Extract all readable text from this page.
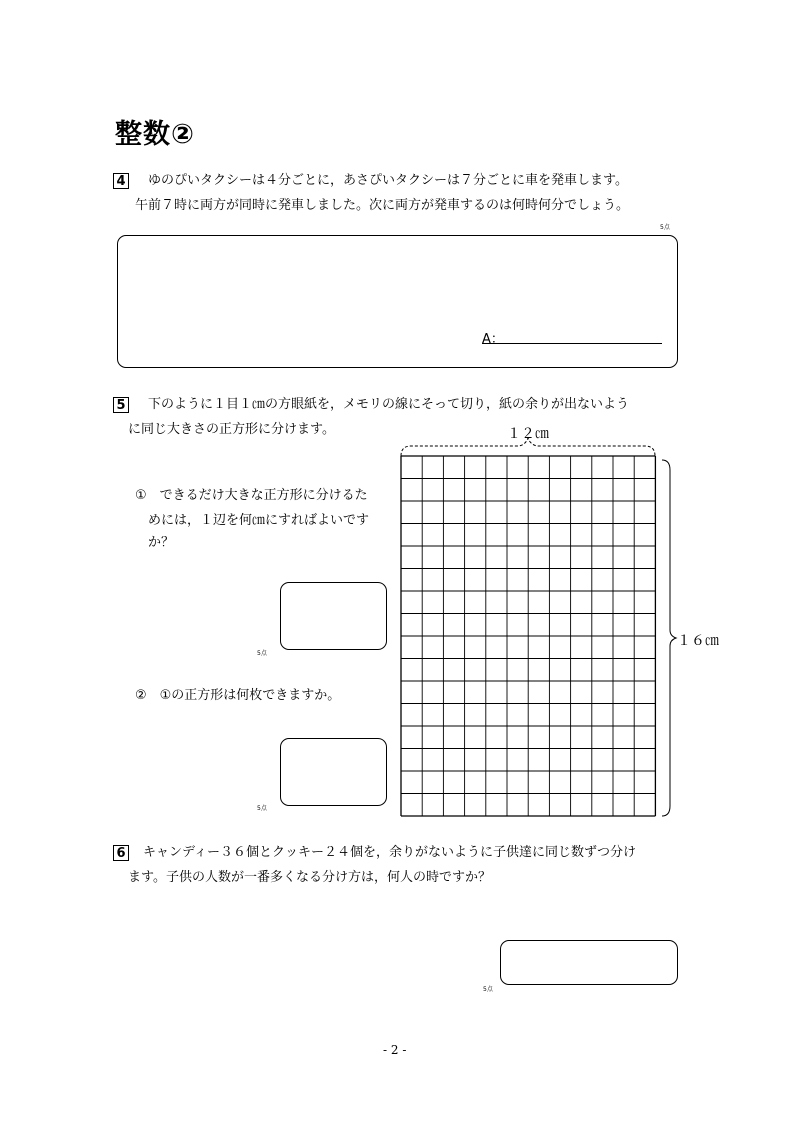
整数②
4 ゆのぴいタクシーは４分ごとに，あさぴいタクシーは７分ごとに車を発車します。
午前７時に両方が同時に発車しました。次に両方が発車するのは何時何分でしょう。
5点
A：
5 下のように１目１㎝の方眼紙を，メモリの線にそって切り，紙の余りが出ないよう
に同じ大きさの正方形に分けます。
①　できるだけ大きな正方形に分けるた
めには，１辺を何㎝にすればよいです
か？
5点
②　①の正方形は何枚できますか。
5点
１２㎝
１６㎝
6 キャンディー３６個とクッキー２４個を，余りがないように子供達に同じ数ずつ分け
ます。子供の人数が一番多くなる分け方は，何人の時ですか？
5点
- 2 -
